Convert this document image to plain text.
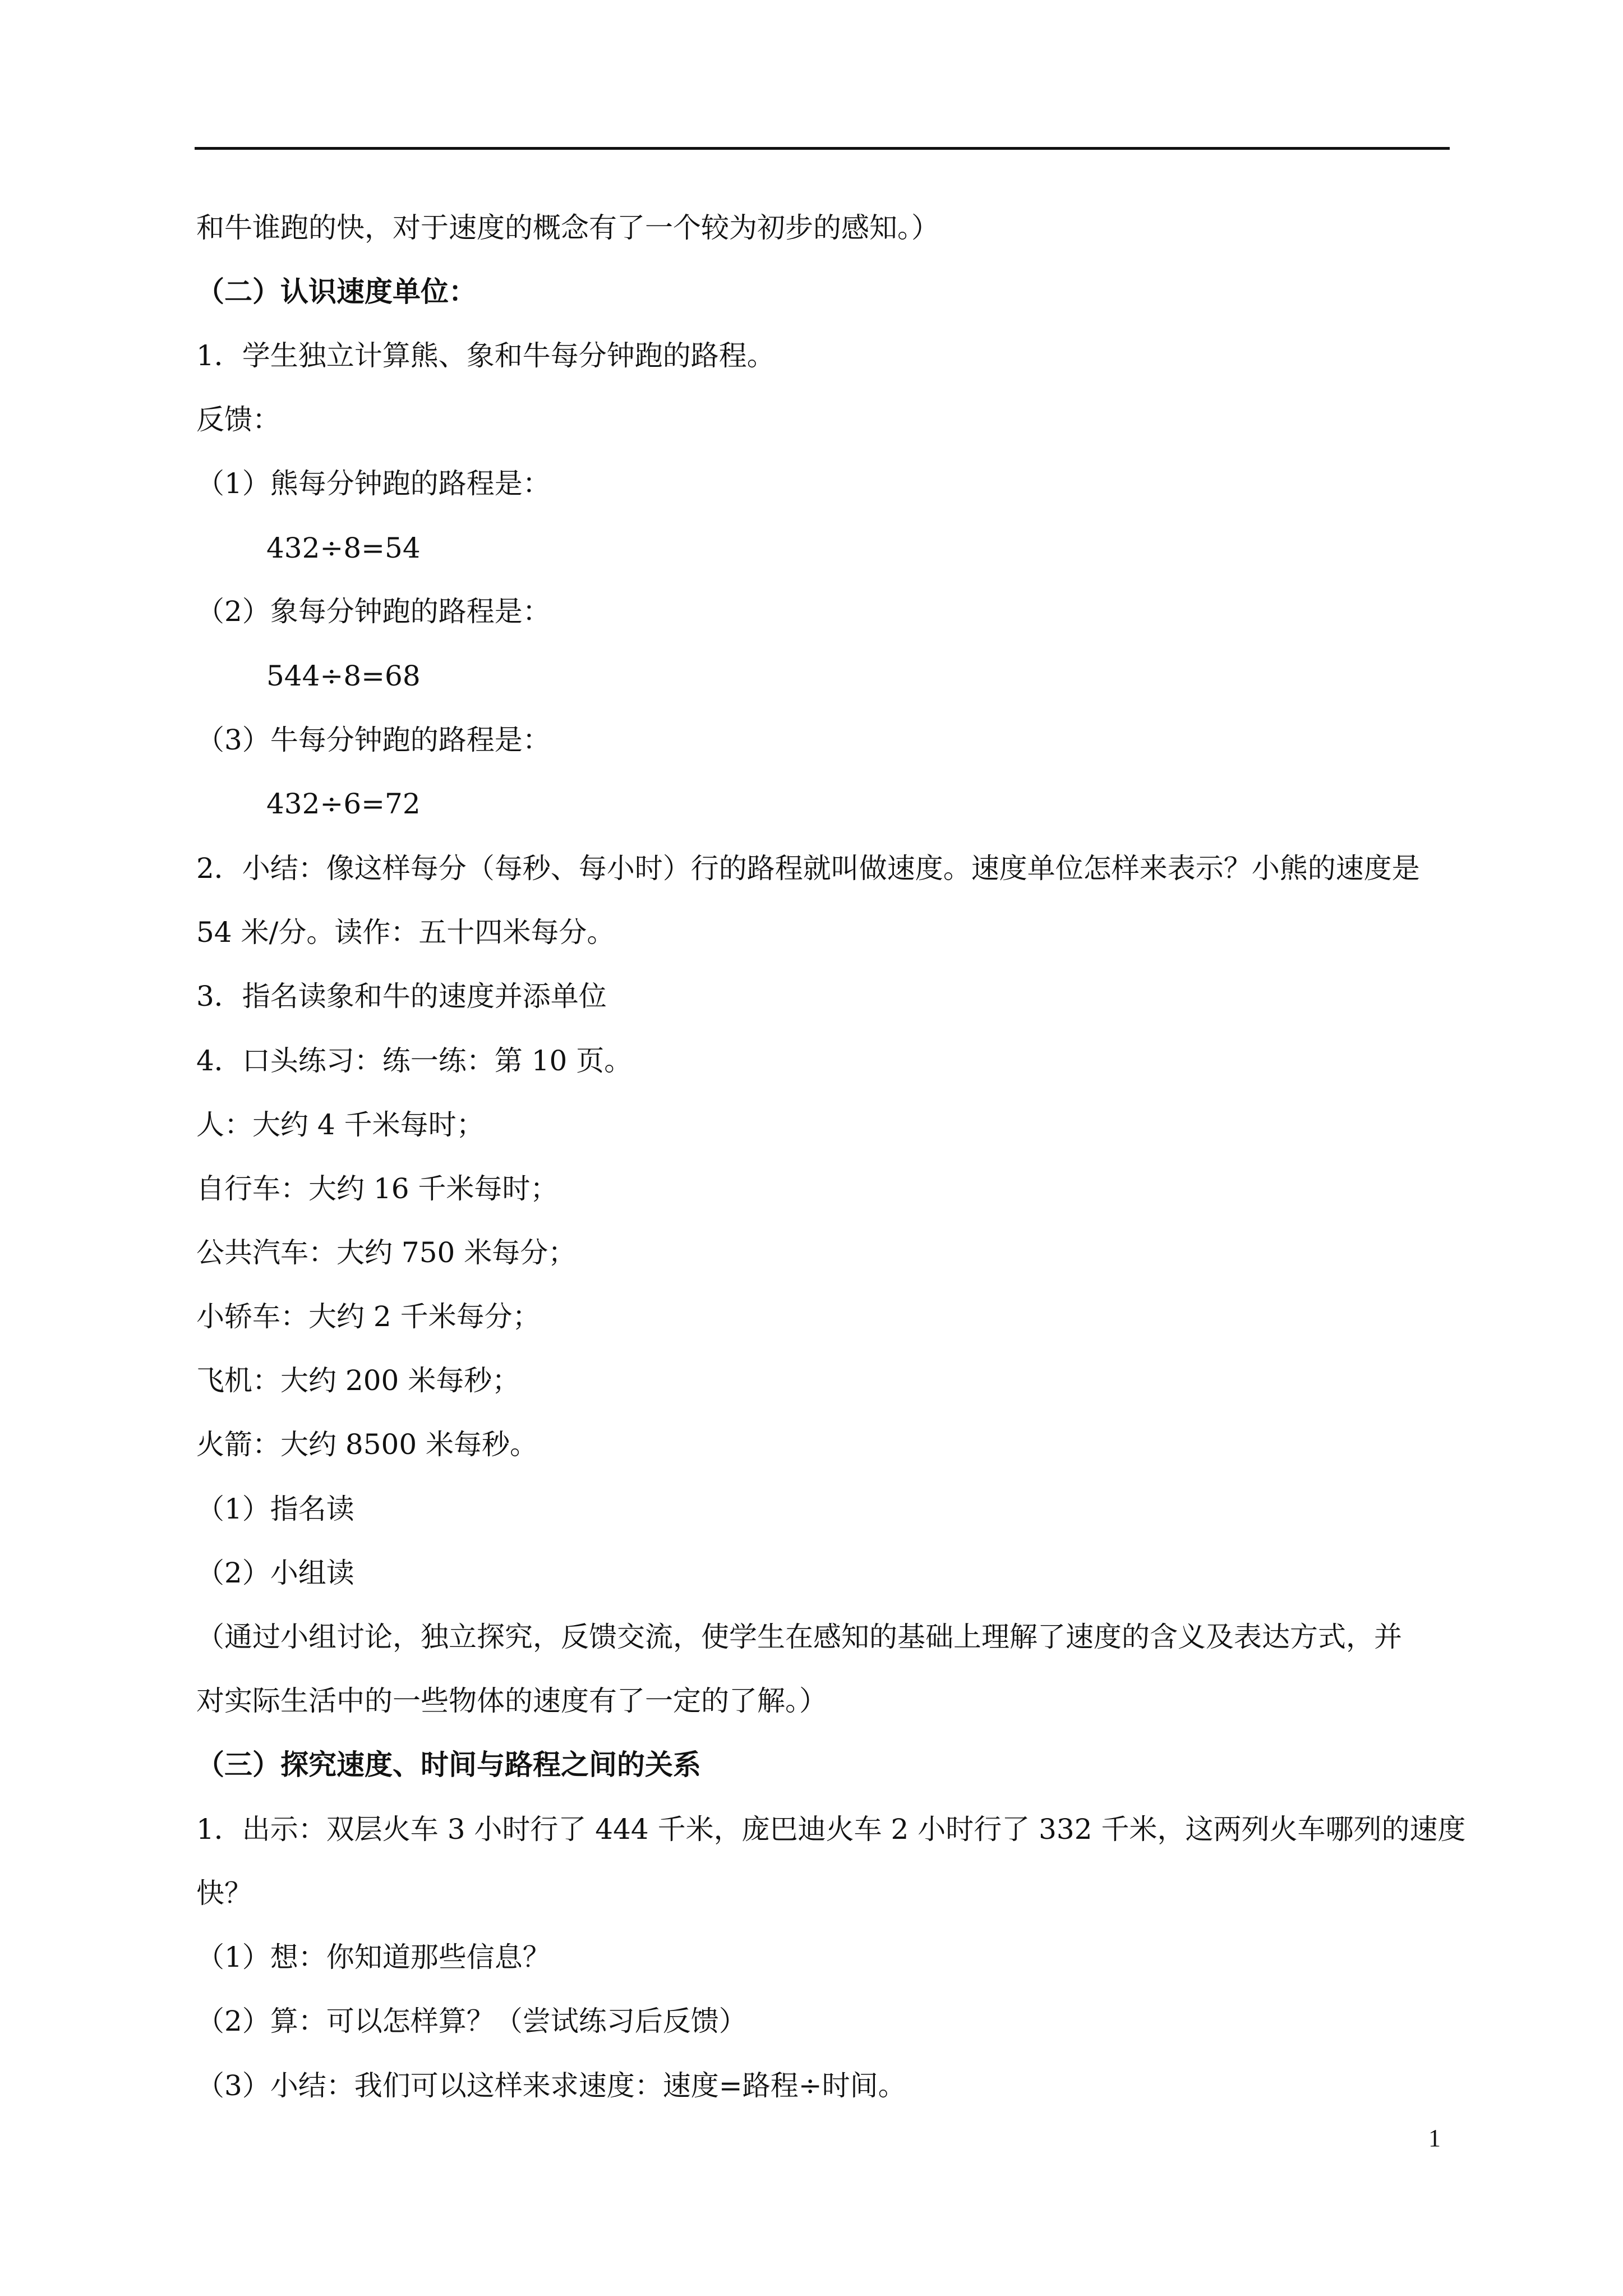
和牛谁跑的快，对于速度的概念有了一个较为初步的感知。）
（二）认识速度单位：
1．学生独立计算熊、象和牛每分钟跑的路程。
反馈：
（1）熊每分钟跑的路程是：
432÷8=54
（2）象每分钟跑的路程是：
544÷8=68
（3）牛每分钟跑的路程是：
432÷6=72
2．小结：像这样每分（每秒、每小时）行的路程就叫做速度。速度单位怎样来表示？小熊的速度是
54 米/分。读作：五十四米每分。
3．指名读象和牛的速度并添单位
4．口头练习：练一练：第 10 页。
人：大约 4 千米每时；
自行车：大约 16 千米每时；
公共汽车：大约 750 米每分；
小轿车：大约 2 千米每分；
飞机：大约 200 米每秒；
火箭：大约 8500 米每秒。
（1）指名读
（2）小组读
（通过小组讨论，独立探究，反馈交流，使学生在感知的基础上理解了速度的含义及表达方式，并
对实际生活中的一些物体的速度有了一定的了解。）
（三）探究速度、时间与路程之间的关系
1．出示：双层火车 3 小时行了 444 千米，庞巴迪火车 2 小时行了 332 千米，这两列火车哪列的速度
快？
（1）想：你知道那些信息？
（2）算：可以怎样算？（尝试练习后反馈）
（3）小结：我们可以这样来求速度：速度=路程÷时间。
1
